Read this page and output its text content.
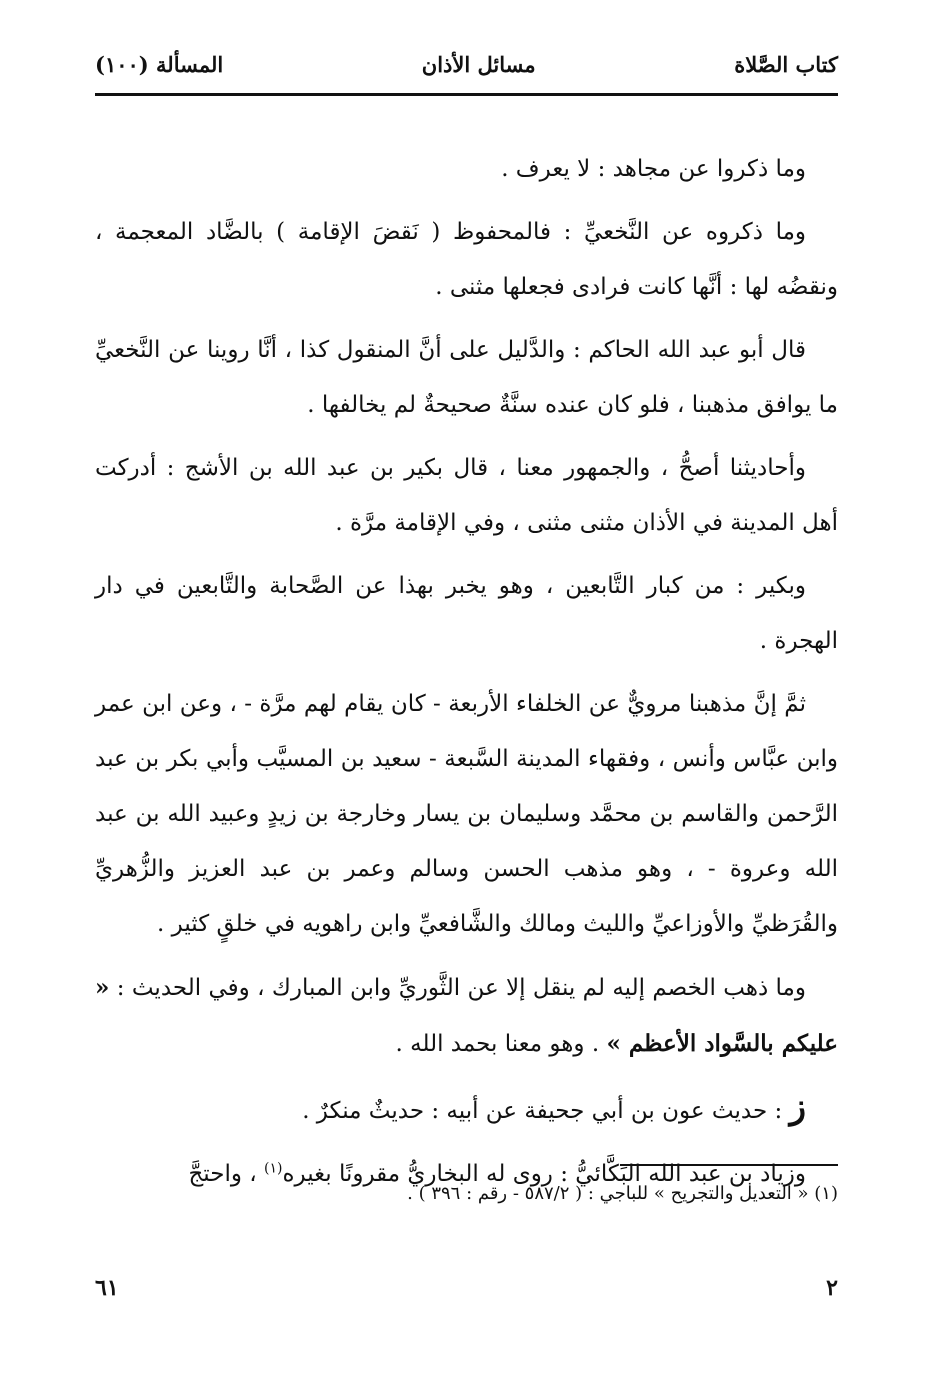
كتاب الصَّلاة
مسائل الأذان
المسألة (١٠٠)

وما ذكروا عن مجاهد : لا يعرف .

وما ذكروه عن النَّخعيِّ : فالمحفوظ ( نَقضَ الإقامة ) بالضَّاد المعجمة ، ونقضُه لها : أنَّها كانت فرادى فجعلها مثنى .

قال أبو عبد الله الحاكم : والدَّليل على أنَّ المنقول كذا ، أنَّا روينا عن النَّخعيِّ ما يوافق مذهبنا ، فلو كان عنده سنَّةٌ صحيحةٌ لم يخالفها .

وأحاديثنا أصحُّ ، والجمهور معنا ، قال بكير بن عبد الله بن الأشج : أدركت أهل المدينة في الأذان مثنى مثنى ، وفي الإقامة مرَّة .

وبكير : من كبار التَّابعين ، وهو يخبر بهذا عن الصَّحابة والتَّابعين في دار الهجرة .

ثمَّ إنَّ مذهبنا مرويٌّ عن الخلفاء الأربعة - كان يقام لهم مرَّة - ، وعن ابن عمر وابن عبَّاس وأنس ، وفقهاء المدينة السَّبعة - سعيد بن المسيَّب وأبي بكر بن عبد الرَّحمن والقاسم بن محمَّد وسليمان بن يسار وخارجة بن زيدٍ وعبيد الله بن عبد الله وعروة - ، وهو مذهب الحسن وسالم وعمر بن عبد العزيز والزُّهريِّ والقُرَظيِّ والأوزاعيِّ والليث ومالك والشَّافعيِّ وابن راهويه في خلقٍ كثير .

وما ذهب الخصم إليه لم ينقل إلا عن الثَّوريِّ وابن المبارك ، وفي الحديث : « عليكم بالسَّواد الأعظم » . وهو معنا بحمد الله .

ز : حديث عون بن أبي جحيفة عن أبيه : حديثٌ منكرٌ .

وزياد بن عبد الله البَكَّائيُّ : روى له البخاريُّ مقرونًا بغيره$^{(١)}$ ، واحتجَّ

(١) « التعديل والتجريح » للباجي : ( ٥٨٧/٢ - رقم : ٣٩٦ ) .
٢
٦١
